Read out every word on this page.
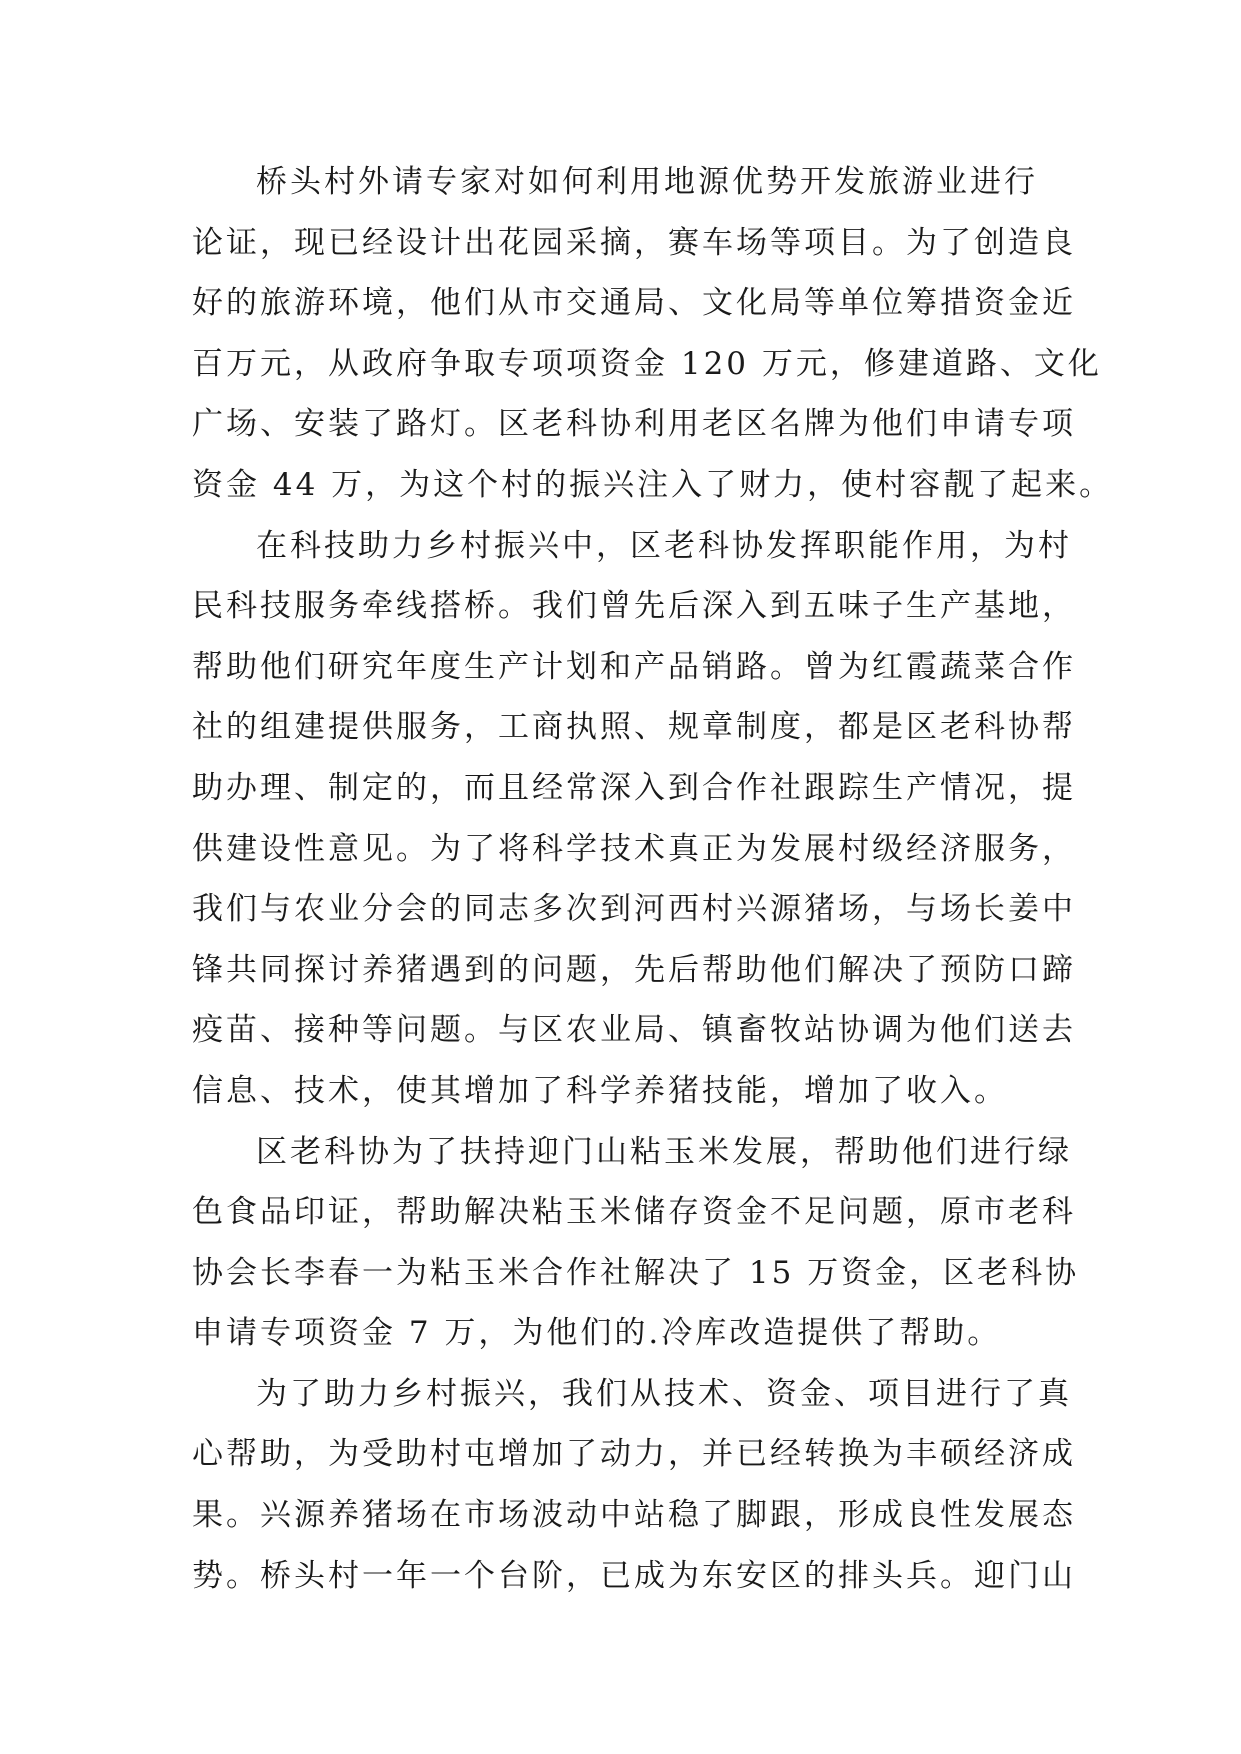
桥头村外请专家对如何利用地源优势开发旅游业进行
论证，现已经设计出花园采摘，赛车场等项目。为了创造良
好的旅游环境，他们从市交通局、文化局等单位筹措资金近
百万元，从政府争取专项项资金 120 万元，修建道路、文化
广场、安装了路灯。区老科协利用老区名牌为他们申请专项
资金 44 万，为这个村的振兴注入了财力，使村容靓了起来。
在科技助力乡村振兴中，区老科协发挥职能作用，为村
民科技服务牵线搭桥。我们曾先后深入到五味子生产基地，
帮助他们研究年度生产计划和产品销路。曾为红霞蔬菜合作
社的组建提供服务，工商执照、规章制度，都是区老科协帮
助办理、制定的，而且经常深入到合作社跟踪生产情况，提
供建设性意见。为了将科学技术真正为发展村级经济服务，
我们与农业分会的同志多次到河西村兴源猪场，与场长姜中
锋共同探讨养猪遇到的问题，先后帮助他们解决了预防口蹄
疫苗、接种等问题。与区农业局、镇畜牧站协调为他们送去
信息、技术，使其增加了科学养猪技能，增加了收入。
区老科协为了扶持迎门山粘玉米发展，帮助他们进行绿
色食品印证，帮助解决粘玉米储存资金不足问题，原市老科
协会长李春一为粘玉米合作社解决了 15 万资金，区老科协
申请专项资金 7 万，为他们的.冷库改造提供了帮助。
为了助力乡村振兴，我们从技术、资金、项目进行了真
心帮助，为受助村屯增加了动力，并已经转换为丰硕经济成
果。兴源养猪场在市场波动中站稳了脚跟，形成良性发展态
势。桥头村一年一个台阶，已成为东安区的排头兵。迎门山
